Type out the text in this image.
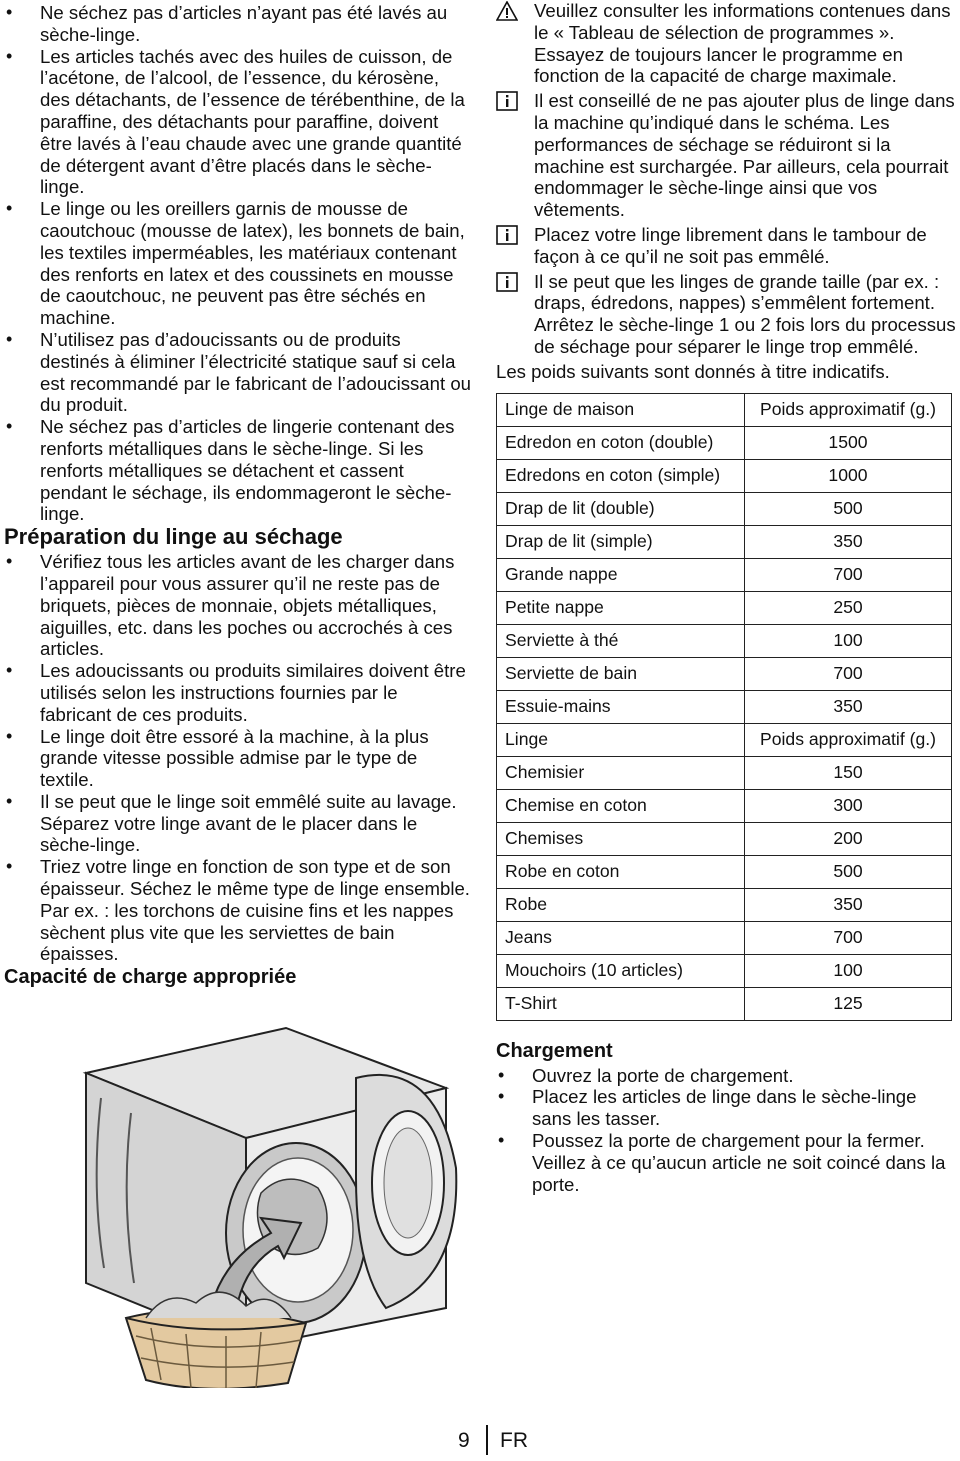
• Ne séchez pas d’articles n’ayant pas été lavés au sèche-linge.
• Les articles tachés avec des huiles de cuisson, de l’acétone, de l’alcool, de l’essence, du kérosène, des détachants, de l’essence de térébenthine, de la paraffine, des détachants pour paraffine, doivent être lavés à l’eau chaude avec une grande quantité de détergent avant d’être placés dans le sèche-linge.
• Le linge ou les oreillers garnis de mousse de caoutchouc (mousse de latex), les bonnets de bain, les textiles imperméables, les matériaux contenant des renforts en latex et des coussinets en mousse de caoutchouc, ne peuvent pas être séchés en machine.
• N’utilisez pas d’adoucissants ou de produits destinés à éliminer l’électricité statique sauf si cela est recommandé par le fabricant de l’adoucissant ou du produit.
• Ne séchez pas d’articles de lingerie contenant des renforts métalliques dans le sèche-linge. Si les renforts métalliques se détachent et cassent pendant le séchage, ils endommageront le sèche-linge.
Préparation du linge au séchage
• Vérifiez tous les articles avant de les charger dans l’appareil pour vous assurer qu’il ne reste pas de briquets, pièces de monnaie, objets métalliques, aiguilles, etc. dans les poches ou accrochés à ces articles.
• Les adoucissants ou produits similaires doivent être utilisés selon les instructions fournies par le fabricant de ces produits.
• Le linge doit être essoré à la machine, à la plus grande vitesse possible admise par le type de textile.
• Il se peut que le linge soit emmêlé suite au lavage. Séparez votre linge avant de le placer dans le sèche-linge.
• Triez votre linge en fonction de son type et de son épaisseur. Séchez le même type de linge ensemble. Par ex. : les torchons de cuisine fins et les nappes sèchent plus vite que les serviettes de bain épaisses.
Capacité de charge appropriée
Veuillez consulter les informations contenues dans le « Tableau de sélection de programmes ». Essayez de toujours lancer le programme en fonction de la capacité de charge maximale.
Il est conseillé de ne pas ajouter plus de linge dans la machine qu’indiqué dans le schéma. Les performances de séchage se réduiront si la machine est surchargée. Par ailleurs, cela pourrait endommager le sèche-linge ainsi que vos vêtements.
Placez votre linge librement dans le tambour de façon à ce qu’il ne soit pas emmêlé.
Il se peut que les linges de grande taille (par ex. : draps, édredons, nappes) s’emmêlent fortement. Arrêtez le sèche-linge 1 ou 2 fois lors du processus de séchage pour séparer le linge trop emmêlé.

Les poids suivants sont donnés à titre indicatifs.

Linge de maison	Poids approximatif (g.)
Edredon en coton (double)	1500
Edredons en coton (simple)	1000
Drap de lit (double)	500
Drap de lit (simple)	350
Grande nappe	700
Petite nappe	250
Serviette à thé	100
Serviette de bain	700
Essuie-mains	350
Linge	Poids approximatif (g.)
Chemisier	150
Chemise en coton	300
Chemises	200
Robe en coton	500
Robe	350
Jeans	700
Mouchoirs (10 articles)	100
T-Shirt	125
Chargement
• Ouvrez la porte de chargement.
• Placez les articles de linge dans le sèche-linge sans les tasser.
• Poussez la porte de chargement pour la fermer. Veillez à ce qu’aucun article ne soit coincé dans la porte.
9 FR
